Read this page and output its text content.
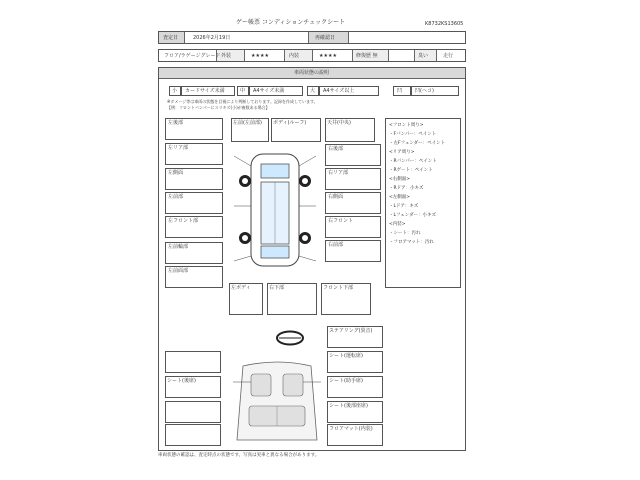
ゲー帳票 コンディションチェックシート	K8732KS13605
査定日	2026年2月19日	再確認日
フロア/ラゲージグレード 外装	★★★★	内装	★★★★	修復歴 無	臭い	走行
車両状態の説明
小 カードサイズ未満	中 A4サイズ未満	大 A4サイズ以上	凹	凹(ヘコ)
※ダメージ等は車両の状態を目視により判断しております。記録を作成しています。
【例：フロントバンパーにスリキズ(小)が複数ある場合】
左後部
左リア部
左側面
左前部
左フロント部
左前輪部
左前面部
左前(左前部) ボディ(ルーフ)	天井(中央)
右後部
右リア部
右側面
右フロント
右前部
左ボディ	右下部	フロント下部
ステアリング(異音)
シート(運転席)
シート(助手席)
シート(後部座席)
フロアマット(内装)
シート(後席)
<フロント周り>
・Fバンパー：ペイント
・左Fフェンダー：ペイント
<リア周り>
・Rバンパー：ペイント
・Rゲート：ペイント
<右側面>
・Rドア：小キズ
<左側面>
・Lドア：キズ
・Lフェンダー：小キズ
<内装>
・シート：汚れ
・フロアマット：汚れ
車両状態の確認は、査定時点の状態です。写真は実車と異なる場合があります。
